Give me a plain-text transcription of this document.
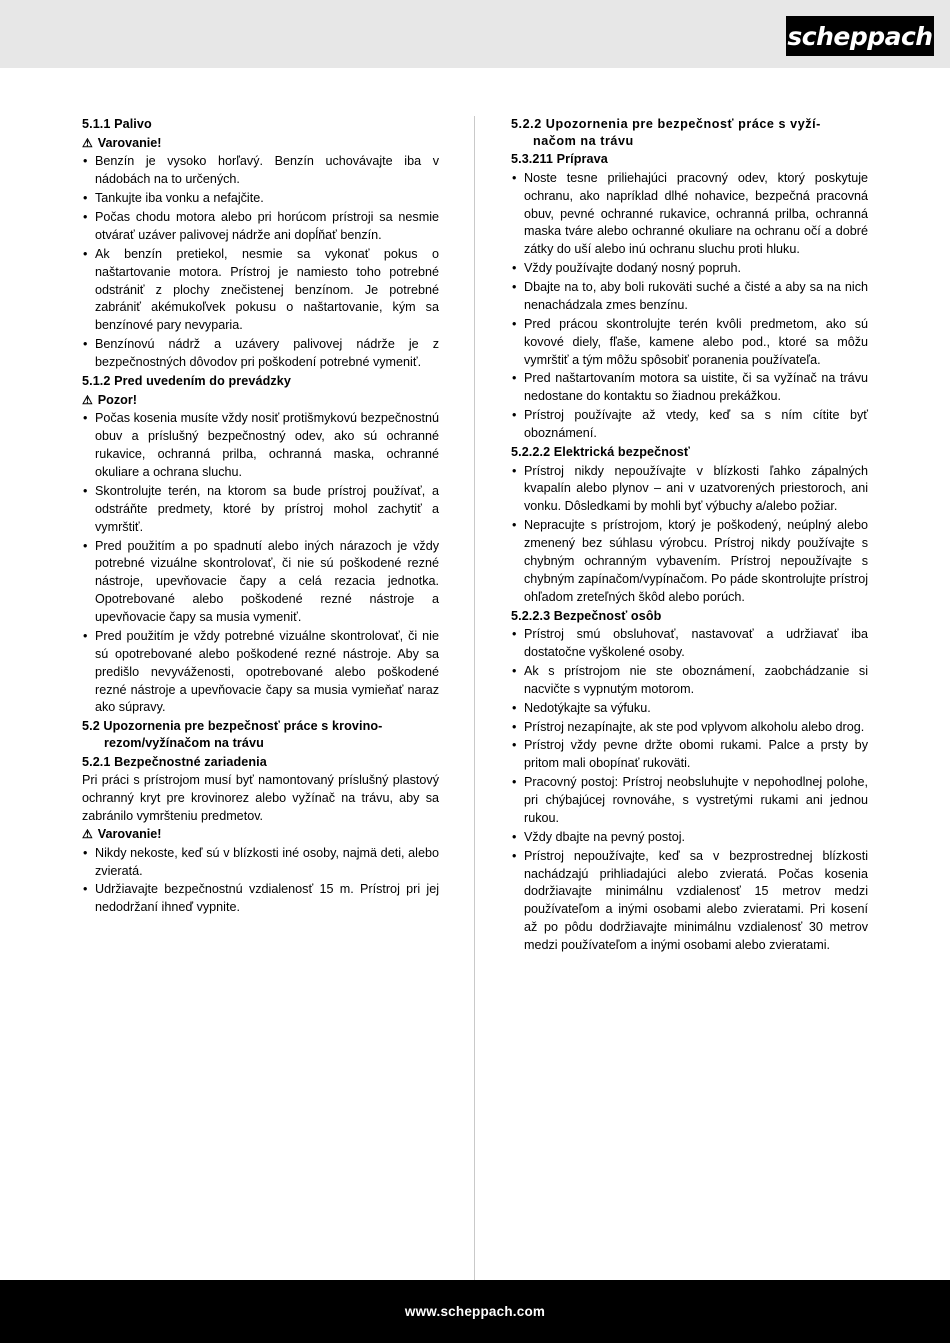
scheppach
5.1.1 Palivo
⚠ Varovanie!
• Benzín je vysoko horľavý. Benzín uchovávajte iba v nádobách na to určených.
• Tankujte iba vonku a nefajčite.
• Počas chodu motora alebo pri horúcom prístroji sa nesmie otvárať uzáver palivovej nádrže ani dopĺňať benzín.
• Ak benzín pretiekol, nesmie sa vykonať pokus o naštartovanie motora. Prístroj je namiesto toho potrebné odstrániť z plochy znečistenej benzínom. Je potrebné zabrániť akémukoľvek pokusu o naštartovanie, kým sa benzínové pary nevyparia.
• Benzínovú nádrž a uzávery palivovej nádrže je z bezpečnostných dôvodov pri poškodení potrebné vymeniť.
5.1.2 Pred uvedením do prevádzky
⚠ Pozor!
• Počas kosenia musíte vždy nosiť protišmykovú bezpečnostnú obuv a príslušný bezpečnostný odev, ako sú ochranné rukavice, ochranná prilba, ochranná maska, ochranné okuliare a ochrana sluchu.
• Skontrolujte terén, na ktorom sa bude prístroj používať, a odstráňte predmety, ktoré by prístroj mohol zachytiť a vymrštiť.
• Pred použitím a po spadnutí alebo iných nárazoch je vždy potrebné vizuálne skontrolovať, či nie sú poškodené rezné nástroje, upevňovacie čapy a celá rezacia jednotka. Opotrebované alebo poškodené rezné nástroje a upevňovacie čapy sa musia vymeniť.
• Pred použitím je vždy potrebné vizuálne skontrolovať, či nie sú opotrebované alebo poškodené rezné nástroje. Aby sa predišlo nevyváženosti, opotrebované alebo poškodené rezné nástroje a upevňovacie čapy sa musia vymieňať naraz ako súpravy.
5.2 Upozornenia pre bezpečnosť práce s krovino-
rezom/vyžínačom na trávu
5.2.1 Bezpečnostné zariadenia

Pri práci s prístrojom musí byť namontovaný príslušný plastový ochranný kryt pre krovinorez alebo vyžínač na trávu, aby sa zabránilo vymršteniu predmetov.

⚠ Varovanie!
• Nikdy nekoste, keď sú v blízkosti iné osoby, najmä deti, alebo zvieratá.
• Udržiavajte bezpečnostnú vzdialenosť 15 m. Prístroj pri jej nedodržaní ihneď vypnite.
5.2.2 Upozornenia pre bezpečnosť práce s vyží-
načom na trávu
5.3.211 Príprava
• Noste tesne priliehajúci pracovný odev, ktorý poskytuje ochranu, ako napríklad dlhé nohavice, bezpečná pracovná obuv, pevné ochranné rukavice, ochranná prilba, ochranná maska tváre alebo ochranné okuliare na ochranu očí a dobré zátky do uší alebo inú ochranu sluchu proti hluku.
• Vždy používajte dodaný nosný popruh.
• Dbajte na to, aby boli rukoväti suché a čisté a aby sa na nich nenachádzala zmes benzínu.
• Pred prácou skontrolujte terén kvôli predmetom, ako sú kovové diely, fľaše, kamene alebo pod., ktoré sa môžu vymrštiť a tým môžu spôsobiť poranenia používateľa.
• Pred naštartovaním motora sa uistite, či sa vyžínač na trávu nedostane do kontaktu so žiadnou prekážkou.
• Prístroj používajte až vtedy, keď sa s ním cítite byť oboznámení.
5.2.2.2 Elektrická bezpečnosť
• Prístroj nikdy nepoužívajte v blízkosti ľahko zápalných kvapalín alebo plynov – ani v uzatvorených priestoroch, ani vonku. Dôsledkami by mohli byť výbuchy a/alebo požiar.
• Nepracujte s prístrojom, ktorý je poškodený, neúplný alebo zmenený bez súhlasu výrobcu. Prístroj nikdy používajte s chybným ochranným vybavením. Prístroj nepoužívajte s chybným zapínačom/vypínačom. Po páde skontrolujte prístroj ohľadom zreteľných škôd alebo porúch.
5.2.2.3 Bezpečnosť osôb
• Prístroj smú obsluhovať, nastavovať a udržiavať iba dostatočne vyškolené osoby.
• Ak s prístrojom nie ste oboznámení, zaobchádzanie si nacvičte s vypnutým motorom.
• Nedotýkajte sa výfuku.
• Prístroj nezapínajte, ak ste pod vplyvom alkoholu alebo drog.
• Prístroj vždy pevne držte obomi rukami. Palce a prsty by pritom mali obopínať rukoväti.
• Pracovný postoj: Prístroj neobsluhujte v nepohodlnej polohe, pri chýbajúcej rovnováhe, s vystretými rukami ani jednou rukou.
• Vždy dbajte na pevný postoj.
• Prístroj nepoužívajte, keď sa v bezprostrednej blízkosti nachádzajú prihliadajúci alebo zvieratá. Počas kosenia dodržiavajte minimálnu vzdialenosť 15 metrov medzi používateľom a inými osobami alebo zvieratami. Pri kosení až po pôdu dodržiavajte minimálnu vzdialenosť 30 metrov medzi používateľom a inými osobami alebo zvieratami.
www.scheppach.com
